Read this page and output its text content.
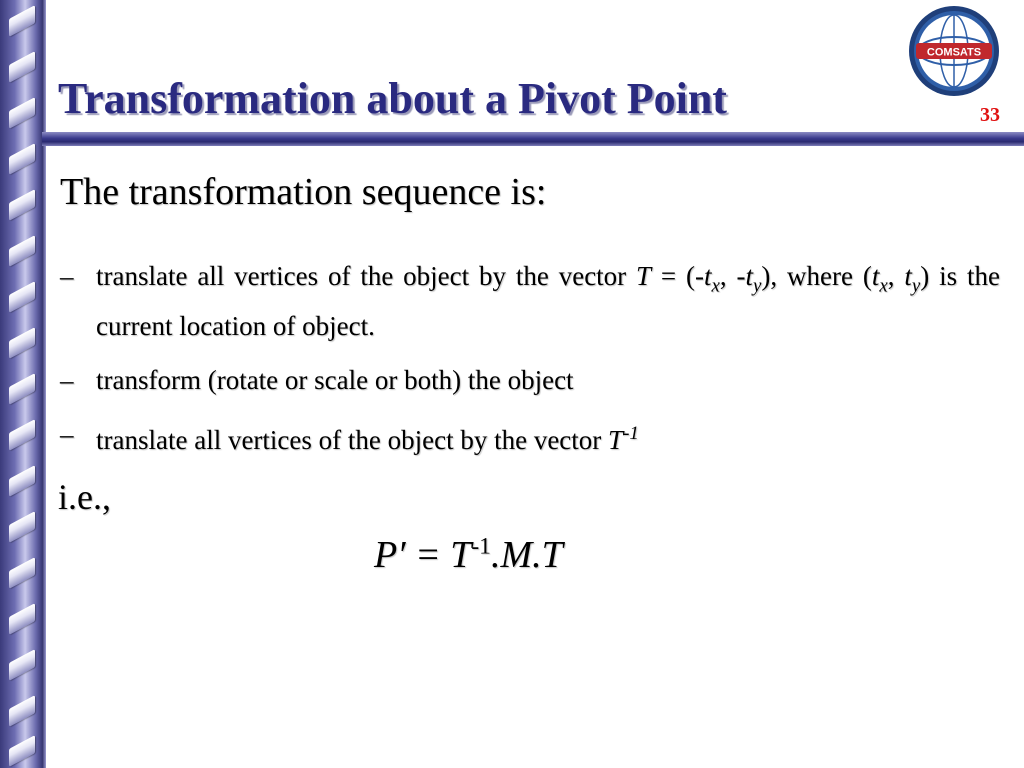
Transformation about a Pivot Point	33
COMSATS
The transformation sequence is:
– translate all vertices of the object by the vector $T = (-t_x$, $-t_y$), where ($t_x$, $t_y$) is the current location of object.
– transform (rotate or scale or both) the object
– translate all vertices of the object by the vector $T^{-1}$
i.e.,
$P' = T^{-1}.M.T$
